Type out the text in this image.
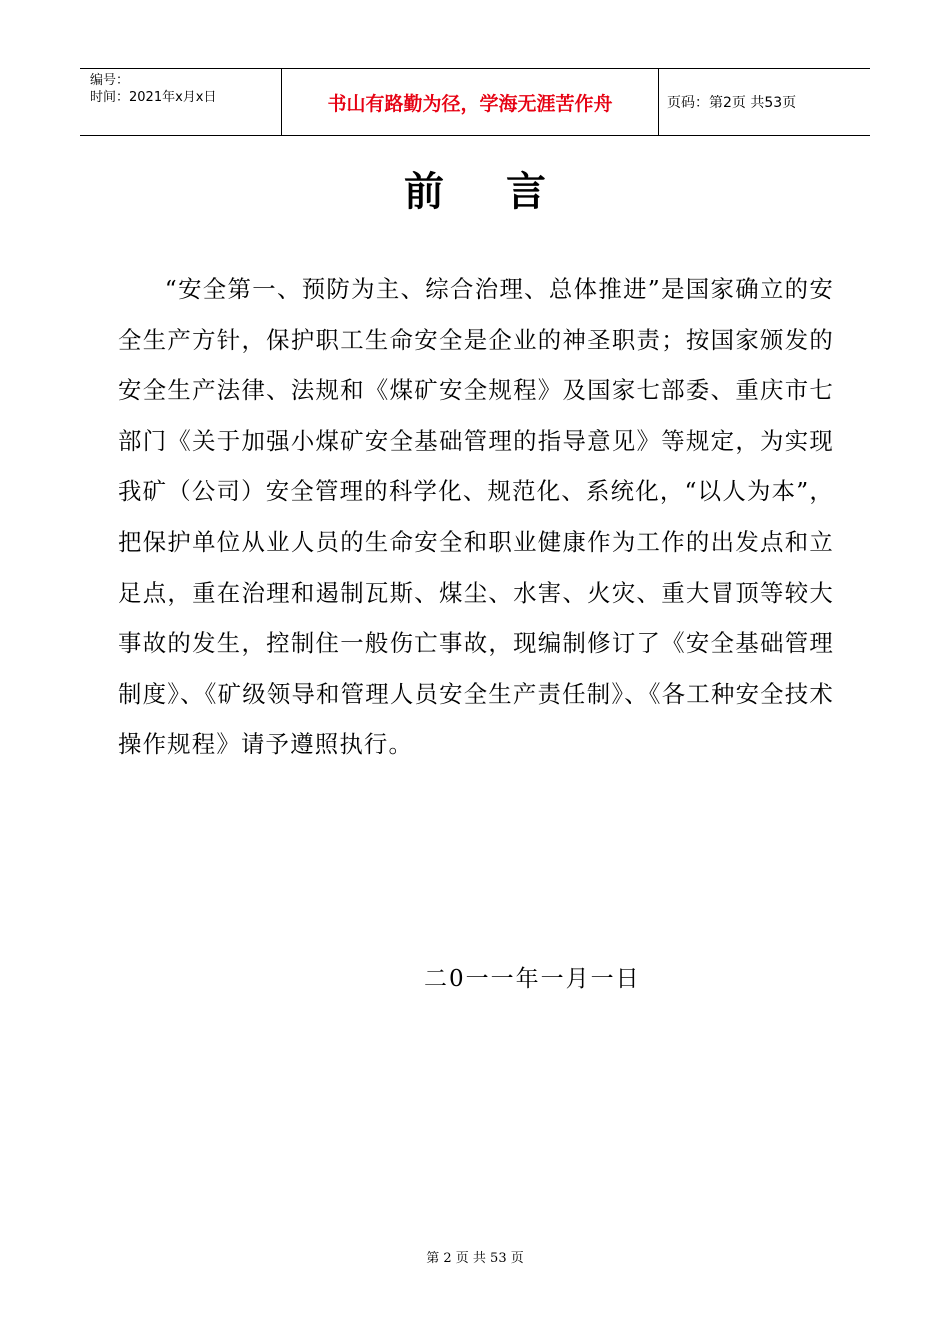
编号：
时间：2021年x月x日	书山有路勤为径，学海无涯苦作舟	页码：第2页 共53页
前 言
“安全第一、预防为主、综合治理、总体推进”是国家确立的安全生产方针，保护职工生命安全是企业的神圣职责；按国家颁发的安全生产法律、法规和《煤矿安全规程》及国家七部委、重庆市七部门《关于加强小煤矿安全基础管理的指导意见》等规定，为实现我矿（公司）安全管理的科学化、规范化、系统化，“以人为本”，把保护单位从业人员的生命安全和职业健康作为工作的出发点和立足点，重在治理和遏制瓦斯、煤尘、水害、火灾、重大冒顶等较大事故的发生，控制住一般伤亡事故，现编制修订了《安全基础管理制度》、《矿级领导和管理人员安全生产责任制》、《各工种安全技术操作规程》请予遵照执行。
二0一一年一月一日
第 2 页 共 53 页
